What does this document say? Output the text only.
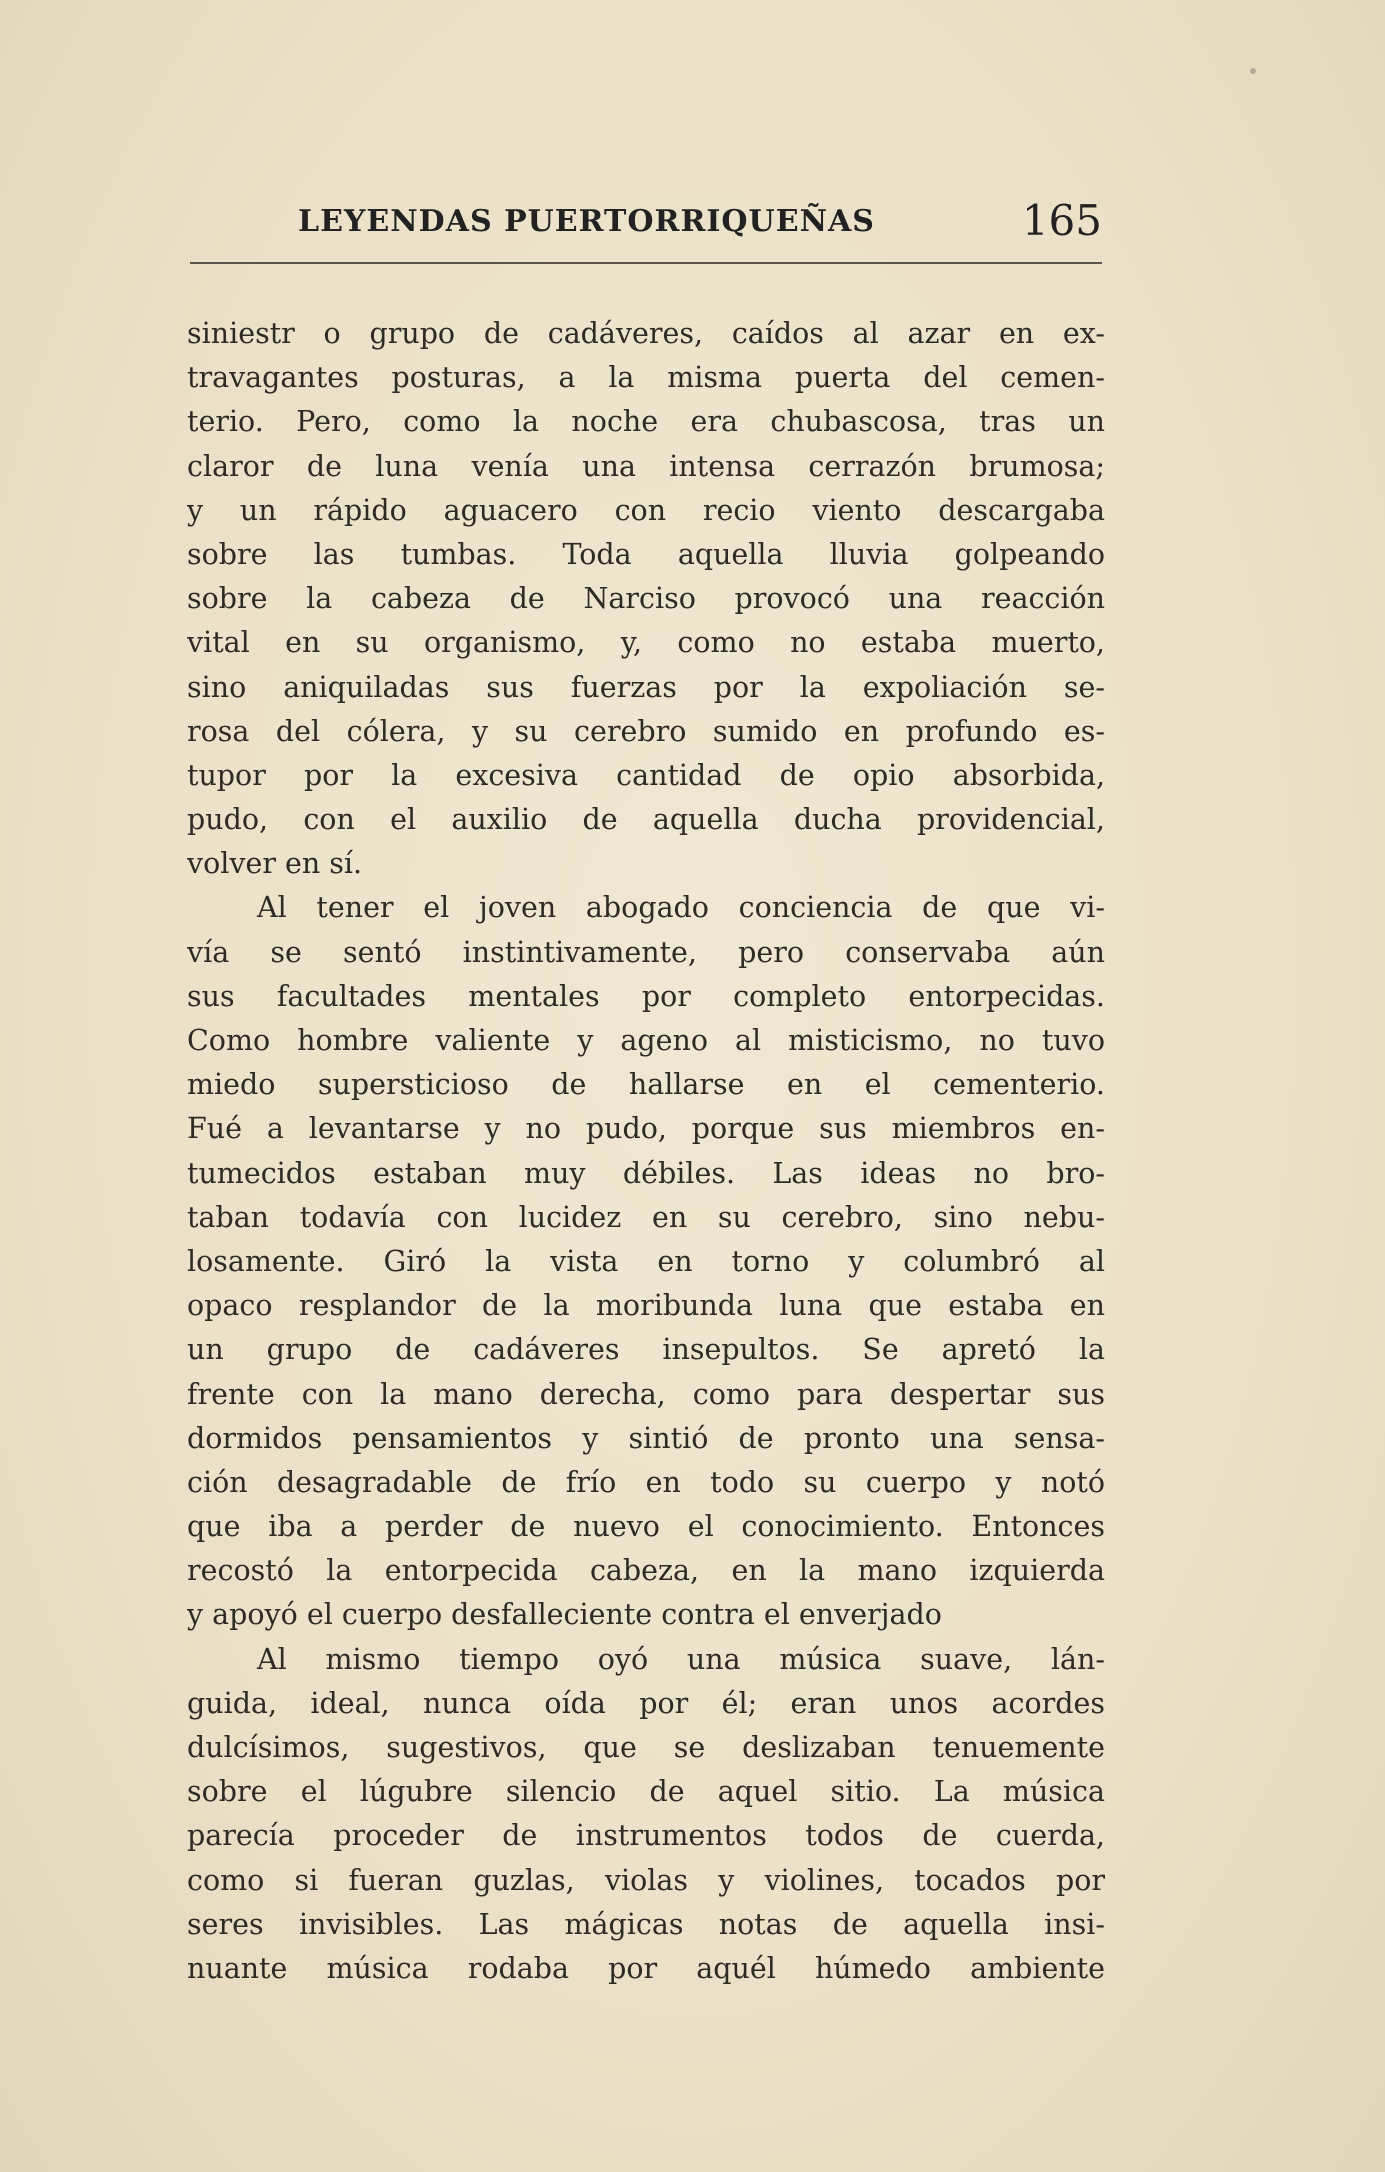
LEYENDAS PUERTORRIQUEÑAS	165
siniestr o grupo de cadáveres, caídos al azar en ex-
travagantes posturas, a la misma puerta del cemen-
terio. Pero, como la noche era chubascosa, tras un
claror de luna venía una intensa cerrazón brumosa;
y un rápido aguacero con recio viento descargaba
sobre las tumbas. Toda aquella lluvia golpeando
sobre la cabeza de Narciso provocó una reacción
vital en su organismo, y, como no estaba muerto,
sino aniquiladas sus fuerzas por la expoliación se-
rosa del cólera, y su cerebro sumido en profundo es-
tupor por la excesiva cantidad de opio absorbida,
pudo, con el auxilio de aquella ducha providencial,
volver en sí.
Al tener el joven abogado conciencia de que vi-
vía se sentó instintivamente, pero conservaba aún
sus facultades mentales por completo entorpecidas.
Como hombre valiente y ageno al misticismo, no tuvo
miedo supersticioso de hallarse en el cementerio.
Fué a levantarse y no pudo, porque sus miembros en-
tumecidos estaban muy débiles. Las ideas no bro-
taban todavía con lucidez en su cerebro, sino nebu-
losamente. Giró la vista en torno y columbró al
opaco resplandor de la moribunda luna que estaba en
un grupo de cadáveres insepultos. Se apretó la
frente con la mano derecha, como para despertar sus
dormidos pensamientos y sintió de pronto una sensa-
ción desagradable de frío en todo su cuerpo y notó
que iba a perder de nuevo el conocimiento. Entonces
recostó la entorpecida cabeza, en la mano izquierda
y apoyó el cuerpo desfalleciente contra el enverjado
Al mismo tiempo oyó una música suave, lán-
guida, ideal, nunca oída por él; eran unos acordes
dulcísimos, sugestivos, que se deslizaban tenuemente
sobre el lúgubre silencio de aquel sitio. La música
parecía proceder de instrumentos todos de cuerda,
como si fueran guzlas, violas y violines, tocados por
seres invisibles. Las mágicas notas de aquella insi-
nuante música rodaba por aquél húmedo ambiente
